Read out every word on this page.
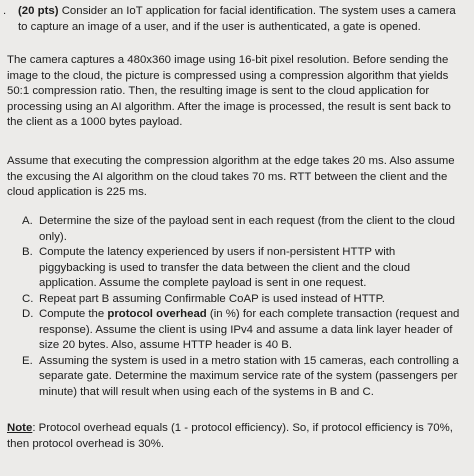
.	(20 pts) Consider an IoT application for facial identification. The system uses a camera to capture an image of a user, and if the user is authenticated, a gate is opened.
The camera captures a 480x360 image using 16-bit pixel resolution. Before sending the image to the cloud, the picture is compressed using a compression algorithm that yields 50:1 compression ratio. Then, the resulting image is sent to the cloud application for processing using an AI algorithm. After the image is processed, the result is sent back to the client as a 1000 bytes payload.
Assume that executing the compression algorithm at the edge takes 20 ms. Also assume the excusing the AI algorithm on the cloud takes 70 ms. RTT between the client and the cloud application is 225 ms.
A. Determine the size of the payload sent in each request (from the client to the cloud only).
B. Compute the latency experienced by users if non-persistent HTTP with piggybacking is used to transfer the data between the client and the cloud application. Assume the complete payload is sent in one request.
C. Repeat part B assuming Confirmable CoAP is used instead of HTTP.
D. Compute the protocol overhead (in %) for each complete transaction (request and response). Assume the client is using IPv4 and assume a data link layer header of size 20 bytes. Also, assume HTTP header is 40 B.
E. Assuming the system is used in a metro station with 15 cameras, each controlling a separate gate. Determine the maximum service rate of the system (passengers per minute) that will result when using each of the systems in B and C.
Note: Protocol overhead equals (1 - protocol efficiency). So, if protocol efficiency is 70%, then protocol overhead is 30%.
